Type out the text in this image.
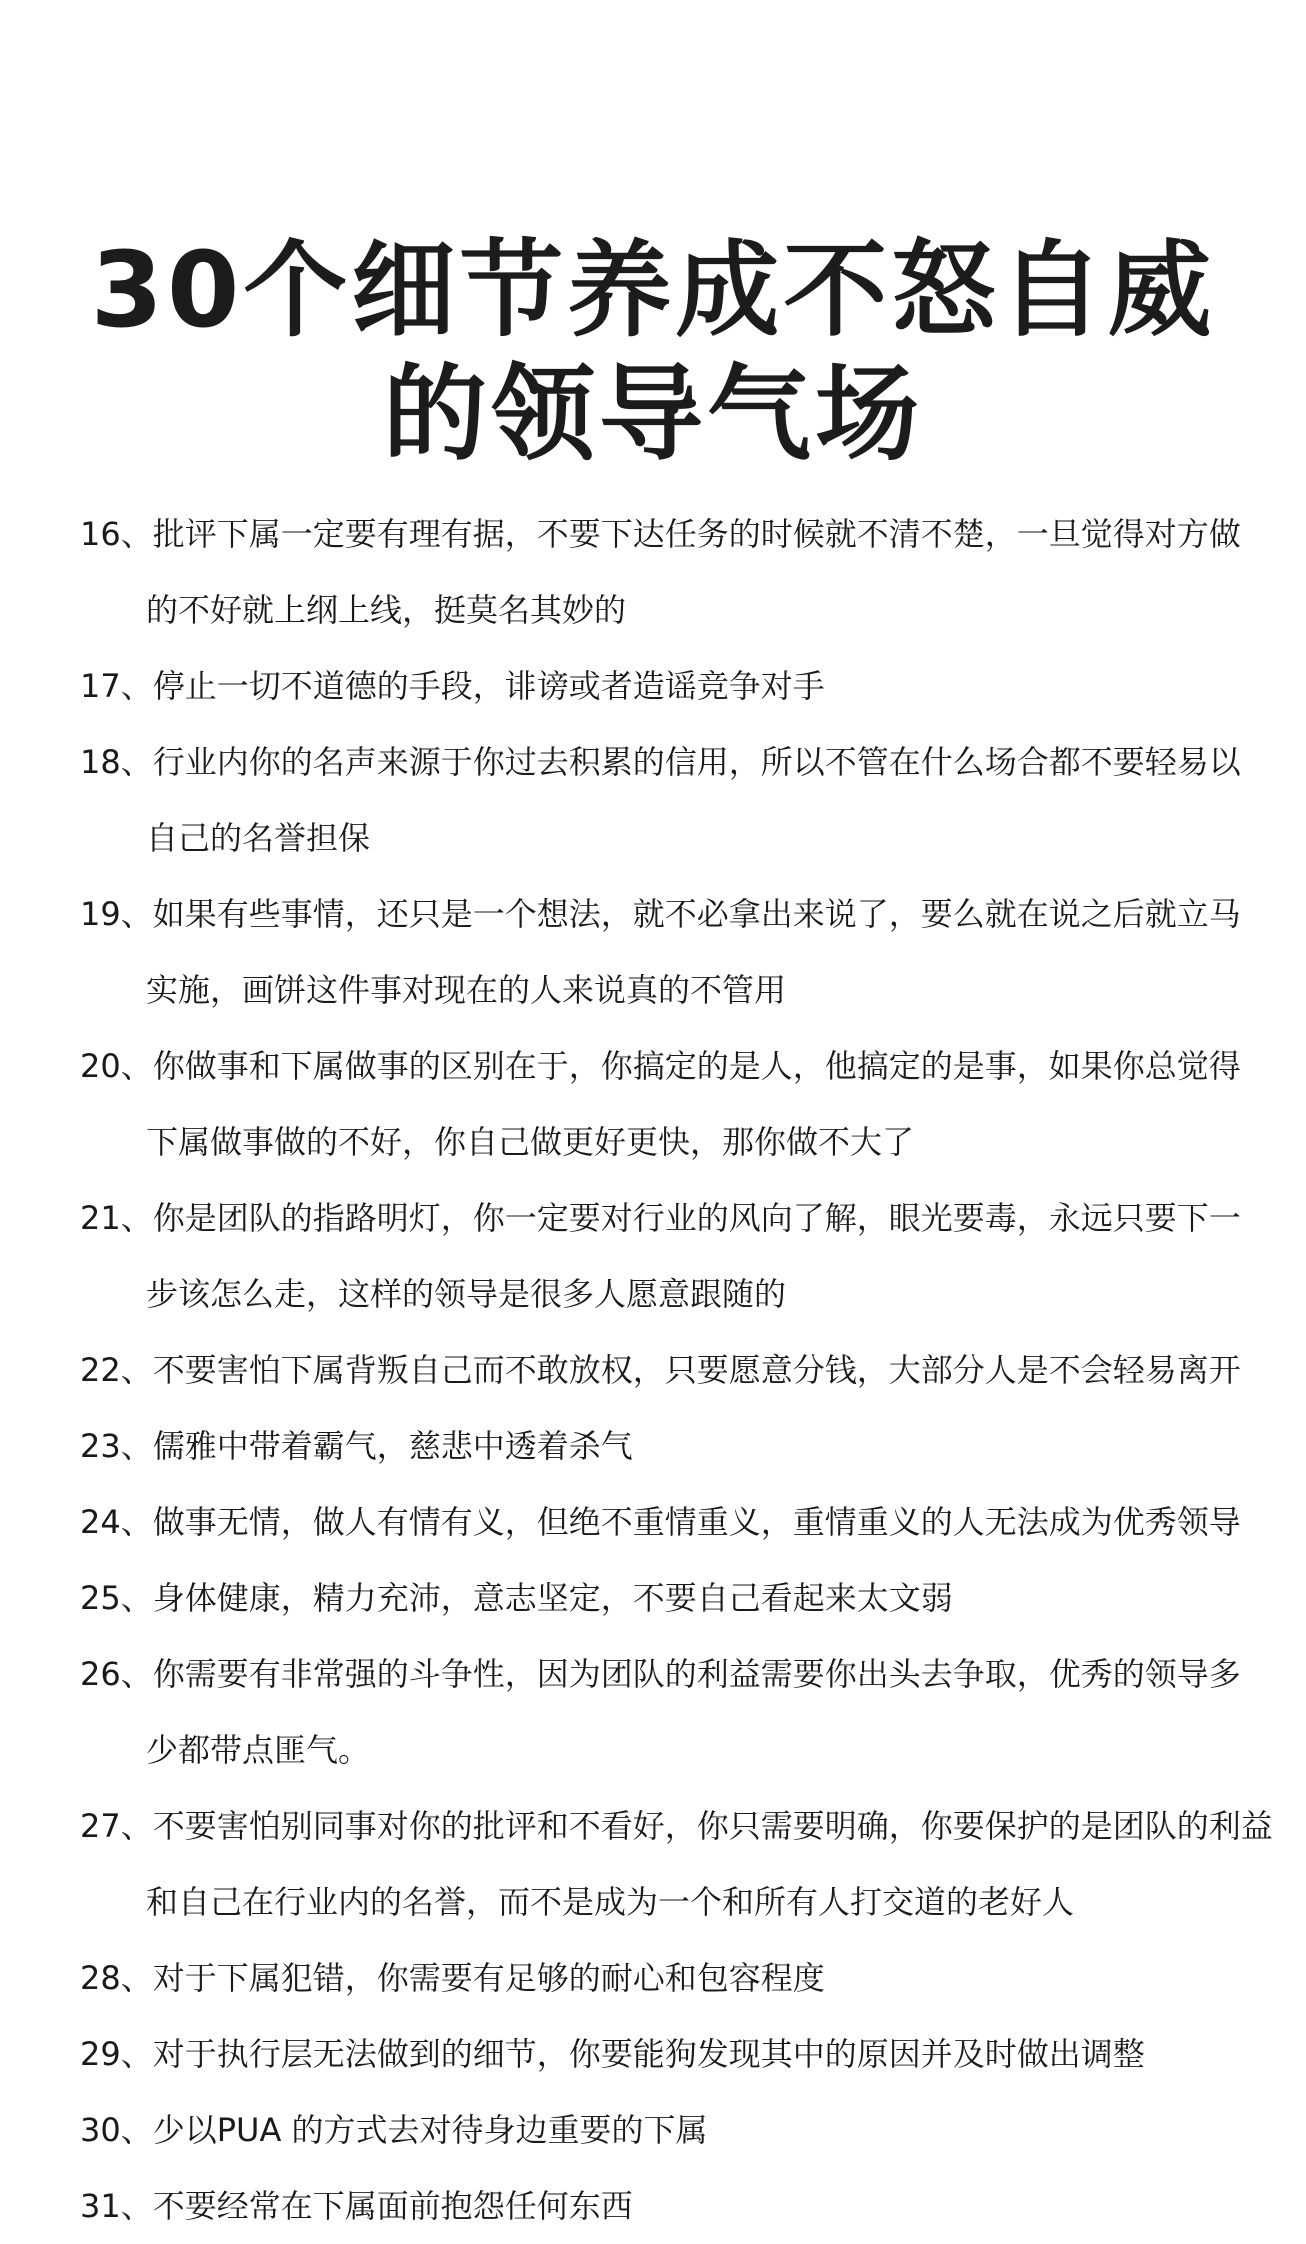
30个细节养成不怒自威
的领导气场
16、批评下属一定要有理有据，不要下达任务的时候就不清不楚，一旦觉得对方做
的不好就上纲上线，挺莫名其妙的
17、停止一切不道德的手段，诽谤或者造谣竞争对手
18、行业内你的名声来源于你过去积累的信用，所以不管在什么场合都不要轻易以
自己的名誉担保
19、如果有些事情，还只是一个想法，就不必拿出来说了，要么就在说之后就立马
实施，画饼这件事对现在的人来说真的不管用
20、你做事和下属做事的区别在于，你搞定的是人，他搞定的是事，如果你总觉得
下属做事做的不好，你自己做更好更快，那你做不大了
21、你是团队的指路明灯，你一定要对行业的风向了解，眼光要毒，永远只要下一
步该怎么走，这样的领导是很多人愿意跟随的
22、不要害怕下属背叛自己而不敢放权，只要愿意分钱，大部分人是不会轻易离开
23、儒雅中带着霸气，慈悲中透着杀气
24、做事无情，做人有情有义，但绝不重情重义，重情重义的人无法成为优秀领导
25、身体健康，精力充沛，意志坚定，不要自己看起来太文弱
26、你需要有非常强的斗争性，因为团队的利益需要你出头去争取，优秀的领导多
少都带点匪气。
27、不要害怕别同事对你的批评和不看好，你只需要明确，你要保护的是团队的利益
和自己在行业内的名誉，而不是成为一个和所有人打交道的老好人
28、对于下属犯错，你需要有足够的耐心和包容程度
29、对于执行层无法做到的细节，你要能狗发现其中的原因并及时做出调整
30、少以PUA 的方式去对待身边重要的下属
31、不要经常在下属面前抱怨任何东西
